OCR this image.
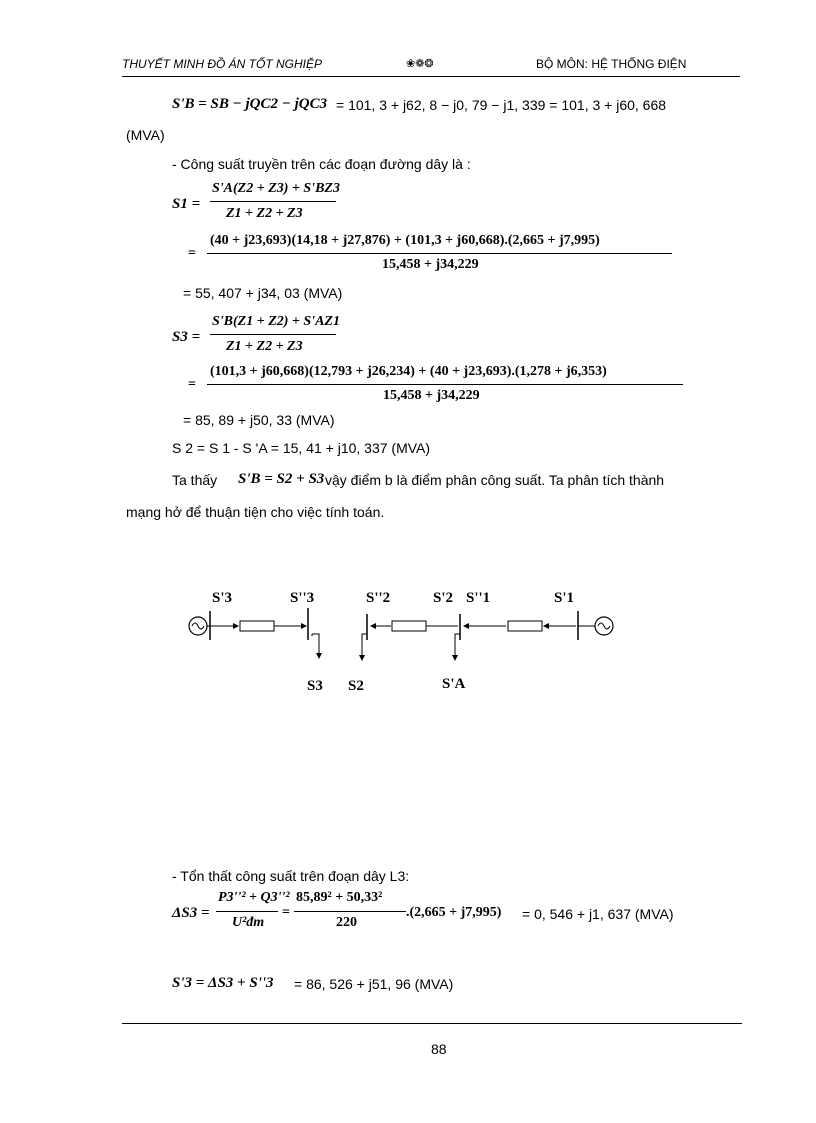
THUYẾT MINH ĐỒ ÁN TỐT NGHIỆP	❀❁❂	BỘ MÔN: HỆ THỐNG ĐIỆN
S'B = SB − jQC2 − jQC3 = 101, 3 + j62, 8 − j0, 79 − j1, 339 = 101, 3 + j60, 668
(MVA)
- Công suất truyền trên các đoạn đường dây là :
S1 =
S'A(Z2 + Z3) + S'BZ3
Z1 + Z2 + Z3
=
(40 + j23,693)(14,18 + j27,876) + (101,3 + j60,668).(2,665 + j7,995)
15,458 + j34,229
= 55, 407 + j34, 03 (MVA)
S3 =
S'B(Z1 + Z2) + S'AZ1
Z1 + Z2 + Z3
=
(101,3 + j60,668)(12,793 + j26,234) + (40 + j23,693).(1,278 + j6,353)
15,458 + j34,229
= 85, 89 + j50, 33 (MVA)
S 2 = S 1 - S 'A = 15, 41 + j10, 337 (MVA)
Ta thấy S'B = S2 + S3 vậy điểm b là điểm phân công suất. Ta phân tích thành
mạng hở để thuận tiện cho việc tính toán.
S'3	S''3	S''2	S'2 S''1	S'1
S3 S2	S'A
- Tổn thất công suất trên đoạn dây L3:
ΔS3 =
P3''² + Q3''²
U²đm
=
85,89² + 50,33²
220
.(2,665 + j7,995) = 0, 546 + j1, 637 (MVA)
S'3 = ΔS3 + S''3 = 86, 526 + j51, 96 (MVA)
88
